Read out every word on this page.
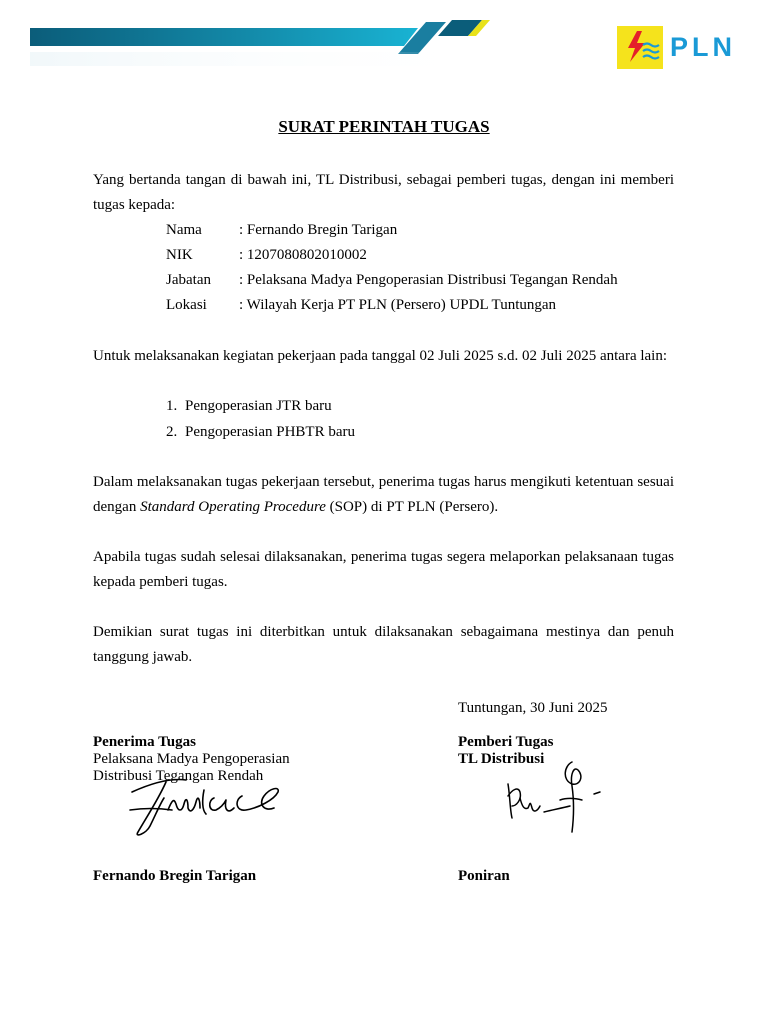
PLN
SURAT PERINTAH TUGAS
Yang bertanda tangan di bawah ini, TL Distribusi, sebagai pemberi tugas, dengan ini memberi tugas kepada:
Nama : Fernando Bregin Tarigan
NIK	: 1207080802010002
Jabatan : Pelaksana Madya Pengoperasian Distribusi Tegangan Rendah
Lokasi : Wilayah Kerja PT PLN (Persero) UPDL Tuntungan
Untuk melaksanakan kegiatan pekerjaan pada tanggal 02 Juli 2025 s.d. 02 Juli 2025 antara lain:
1. Pengoperasian JTR baru
2. Pengoperasian PHBTR baru
Dalam melaksanakan tugas pekerjaan tersebut, penerima tugas harus mengikuti ketentuan sesuai dengan Standard Operating Procedure (SOP) di PT PLN (Persero).
Apabila tugas sudah selesai dilaksanakan, penerima tugas segera melaporkan pelaksanaan tugas kepada pemberi tugas.
Demikian surat tugas ini diterbitkan untuk dilaksanakan sebagaimana mestinya dan penuh tanggung jawab.
Tuntungan, 30 Juni 2025
Penerima Tugas
Pelaksana Madya Pengoperasian
Distribusi Tegangan Rendah
Pemberi Tugas
TL Distribusi
Fernando Bregin Tarigan	Poniran
